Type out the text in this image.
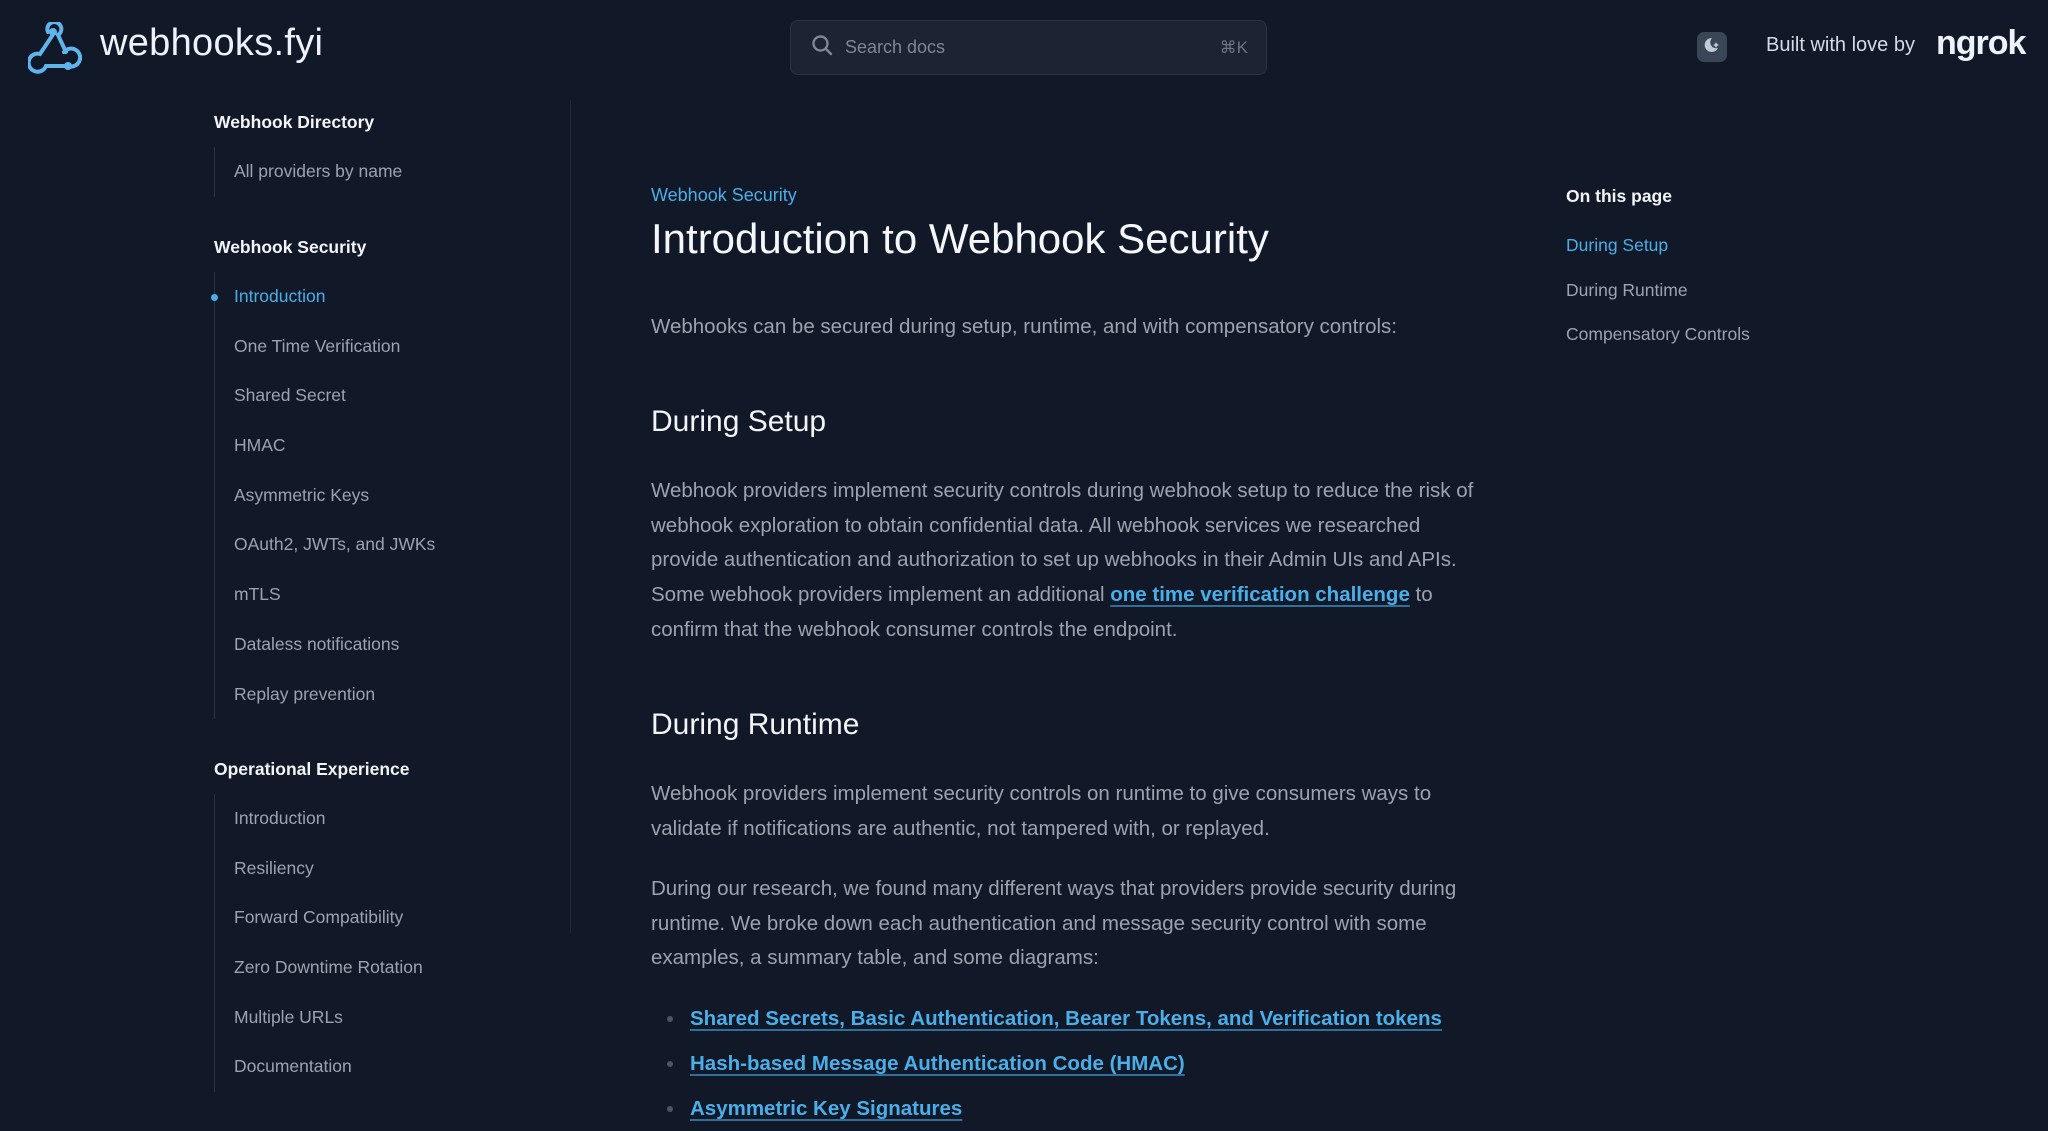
webhooks.fyi	Search docs	⌘K	Built with love by ngrok
Webhook Directory
All providers by name
Webhook Security
Introduction
One Time Verification
Shared Secret
HMAC
Asymmetric Keys
OAuth2, JWTs, and JWKs
mTLS
Dataless notifications
Replay prevention
Operational Experience
Introduction
Resiliency
Forward Compatibility
Zero Downtime Rotation
Multiple URLs
Documentation
Webhook Security
Introduction to Webhook Security

Webhooks can be secured during setup, runtime, and with compensatory controls:

During Setup

Webhook providers implement security controls during webhook setup to reduce the risk of webhook exploration to obtain confidential data. All webhook services we researched provide authentication and authorization to set up webhooks in their Admin UIs and APIs. Some webhook providers implement an additional one time verification challenge to confirm that the webhook consumer controls the endpoint.

During Runtime

Webhook providers implement security controls on runtime to give consumers ways to validate if notifications are authentic, not tampered with, or replayed.

During our research, we found many different ways that providers provide security during runtime. We broke down each authentication and message security control with some examples, a summary table, and some diagrams:

Shared Secrets, Basic Authentication, Bearer Tokens, and Verification tokens
Hash-based Message Authentication Code (HMAC)
Asymmetric Key Signatures
On this page
During Setup
During Runtime
Compensatory Controls
